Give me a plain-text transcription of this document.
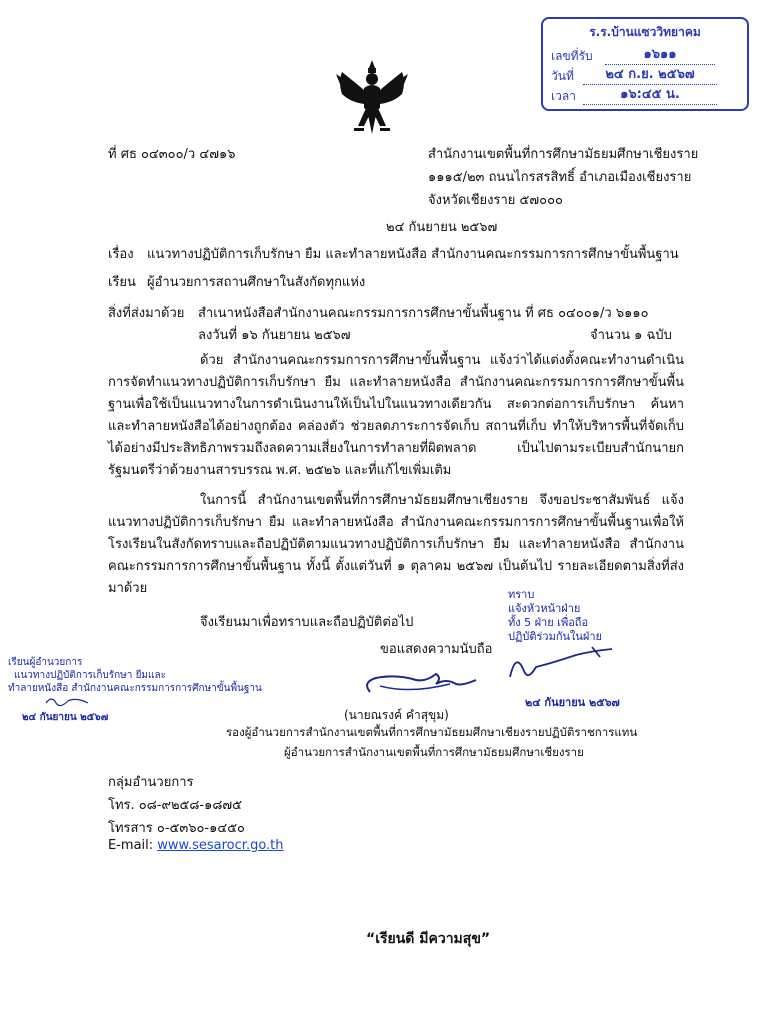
ร.ร.บ้านแซววิทยาคม
เลขที่รับ	๑๖๑๑
วันที่	๒๔ ก.ย. ๒๕๖๗
เวลา	๑๖:๔๕ น.
ที่ ศธ ๐๔๓๐๐/ว ๔๗๑๖	สำนักงานเขตพื้นที่การศึกษามัธยมศึกษาเชียงราย
๑๑๑๕/๒๓ ถนนไกรสรสิทธิ์ อำเภอเมืองเชียงราย
จังหวัดเชียงราย ๕๗๐๐๐
๒๔ กันยายน ๒๕๖๗
เรื่อง แนวทางปฏิบัติการเก็บรักษา ยืม และทำลายหนังสือ สำนักงานคณะกรรมการการศึกษาขั้นพื้นฐาน
เรียน ผู้อำนวยการสถานศึกษาในสังกัดทุกแห่ง
สิ่งที่ส่งมาด้วย สำเนาหนังสือสำนักงานคณะกรรมการการศึกษาขั้นพื้นฐาน ที่ ศธ ๐๔๐๐๑/ว ๖๑๑๐
ลงวันที่ ๑๖ กันยายน ๒๕๖๗	จำนวน ๑ ฉบับ
ด้วย สำนักงานคณะกรรมการการศึกษาขั้นพื้นฐาน แจ้งว่าได้แต่งตั้งคณะทำงานดำเนินการจัดทำแนวทางปฏิบัติการเก็บรักษา ยืม และทำลายหนังสือ สำนักงานคณะกรรมการการศึกษาขั้นพื้นฐานเพื่อใช้เป็นแนวทางในการดำเนินงานให้เป็นไปในแนวทางเดียวกัน สะดวกต่อการเก็บรักษา ค้นหา และทำลายหนังสือได้อย่างถูกต้อง คล่องตัว ช่วยลดภาระการจัดเก็บ สถานที่เก็บ ทำให้บริหารพื้นที่จัดเก็บได้อย่างมีประสิทธิภาพรวมถึงลดความเสี่ยงในการทำลายที่ผิดพลาด เป็นไปตามระเบียบสำนักนายกรัฐมนตรีว่าด้วยงานสารบรรณ พ.ศ. ๒๕๒๖ และที่แก้ไขเพิ่มเติม
ในการนี้ สำนักงานเขตพื้นที่การศึกษามัธยมศึกษาเชียงราย จึงขอประชาสัมพันธ์ แจ้งแนวทางปฏิบัติการเก็บรักษา ยืม และทำลายหนังสือ สำนักงานคณะกรรมการการศึกษาขั้นพื้นฐานเพื่อให้โรงเรียนในสังกัดทราบและถือปฏิบัติตามแนวทางปฏิบัติการเก็บรักษา ยืม และทำลายหนังสือ สำนักงานคณะกรรมการการศึกษาขั้นพื้นฐาน ทั้งนี้ ตั้งแต่วันที่ ๑ ตุลาคม ๒๕๖๗ เป็นต้นไป รายละเอียดตามสิ่งที่ส่งมาด้วย
จึงเรียนมาเพื่อทราบและถือปฏิบัติต่อไป
ทราบ
แจ้งหัวหน้าฝ่าย
ทั้ง 5 ฝ่าย เพื่อถือ
ปฏิบัติร่วมกันในฝ่าย
ขอแสดงความนับถือ
๒๔ กันยายน ๒๕๖๗
(นายณรงค์ คำสุขุม)
รองผู้อำนวยการสำนักงานเขตพื้นที่การศึกษามัธยมศึกษาเชียงรายปฏิบัติราชการแทน
ผู้อำนวยการสำนักงานเขตพื้นที่การศึกษามัธยมศึกษาเชียงราย
เรียนผู้อำนวยการ
แนวทางปฏิบัติการเก็บรักษา ยืมและ
ทำลายหนังสือ สำนักงานคณะกรรมการการศึกษาขั้นพื้นฐาน
๒๔ กันยายน ๒๕๖๗
กลุ่มอำนวยการ
โทร. ๐๘-๙๒๕๘-๑๘๗๕
โทรสาร ๐-๕๓๖๐-๑๔๕๐
E-mail: www.sesarocr.go.th
“เรียนดี มีความสุข”
